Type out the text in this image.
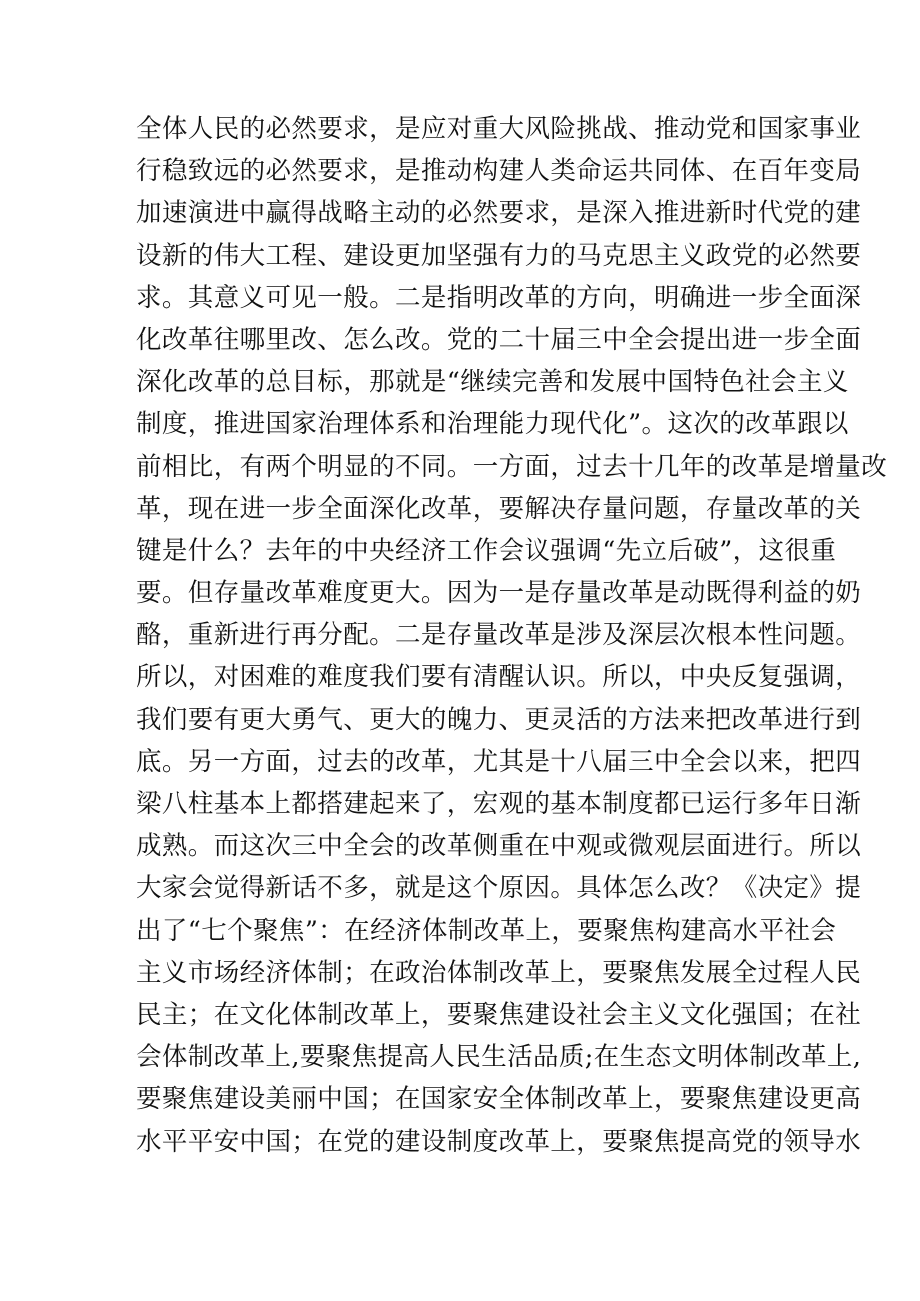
全体人民的必然要求，是应对重大风险挑战、推动党和国家事业
行稳致远的必然要求，是推动构建人类命运共同体、在百年变局
加速演进中赢得战略主动的必然要求，是深入推进新时代党的建
设新的伟大工程、建设更加坚强有力的马克思主义政党的必然要
求。其意义可见一般。二是指明改革的方向，明确进一步全面深
化改革往哪里改、怎么改。党的二十届三中全会提出进一步全面
深化改革的总目标，那就是“继续完善和发展中国特色社会主义
制度，推进国家治理体系和治理能力现代化”。这次的改革跟以
前相比，有两个明显的不同。一方面，过去十几年的改革是增量改
革，现在进一步全面深化改革，要解决存量问题，存量改革的关
键是什么？去年的中央经济工作会议强调“先立后破”，这很重
要。但存量改革难度更大。因为一是存量改革是动既得利益的奶
酪，重新进行再分配。二是存量改革是涉及深层次根本性问题。
所以，对困难的难度我们要有清醒认识。所以，中央反复强调，
我们要有更大勇气、更大的魄力、更灵活的方法来把改革进行到
底。另一方面，过去的改革，尤其是十八届三中全会以来，把四
梁八柱基本上都搭建起来了，宏观的基本制度都已运行多年日渐
成熟。而这次三中全会的改革侧重在中观或微观层面进行。所以
大家会觉得新话不多，就是这个原因。具体怎么改？《决定》提
出了“七个聚焦”：在经济体制改革上，要聚焦构建高水平社会
主义市场经济体制；在政治体制改革上，要聚焦发展全过程人民
民主；在文化体制改革上，要聚焦建设社会主义文化强国；在社
会体制改革上,要聚焦提高人民生活品质;在生态文明体制改革上,
要聚焦建设美丽中国；在国家安全体制改革上，要聚焦建设更高
水平平安中国；在党的建设制度改革上，要聚焦提高党的领导水
